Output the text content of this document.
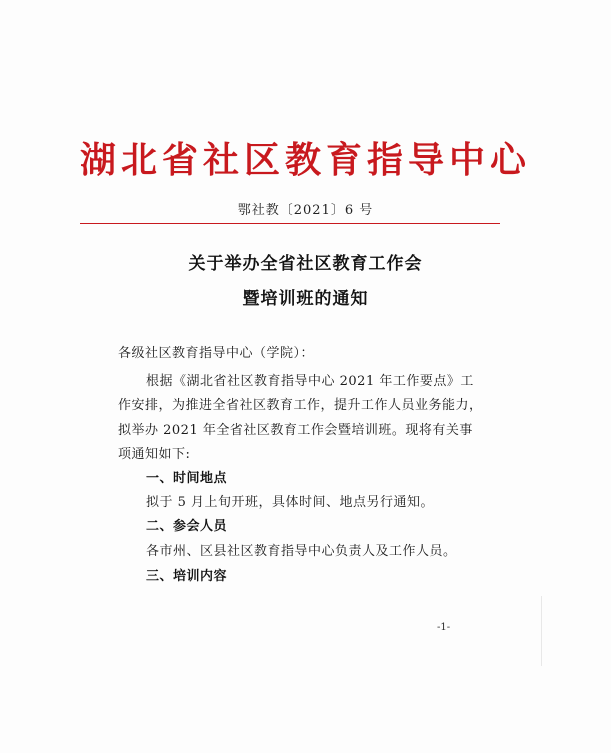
湖北省社区教育指导中心
鄂社教〔2021〕6 号
关于举办全省社区教育工作会
暨培训班的通知
各级社区教育指导中心（学院）：
根据《湖北省社区教育指导中心 2021 年工作要点》工
作安排，为推进全省社区教育工作，提升工作人员业务能力，
拟举办 2021 年全省社区教育工作会暨培训班。现将有关事
项通知如下:
一、时间地点
拟于 5 月上旬开班，具体时间、地点另行通知。
二、参会人员
各市州、区县社区教育指导中心负责人及工作人员。
三、培训内容
-1-
